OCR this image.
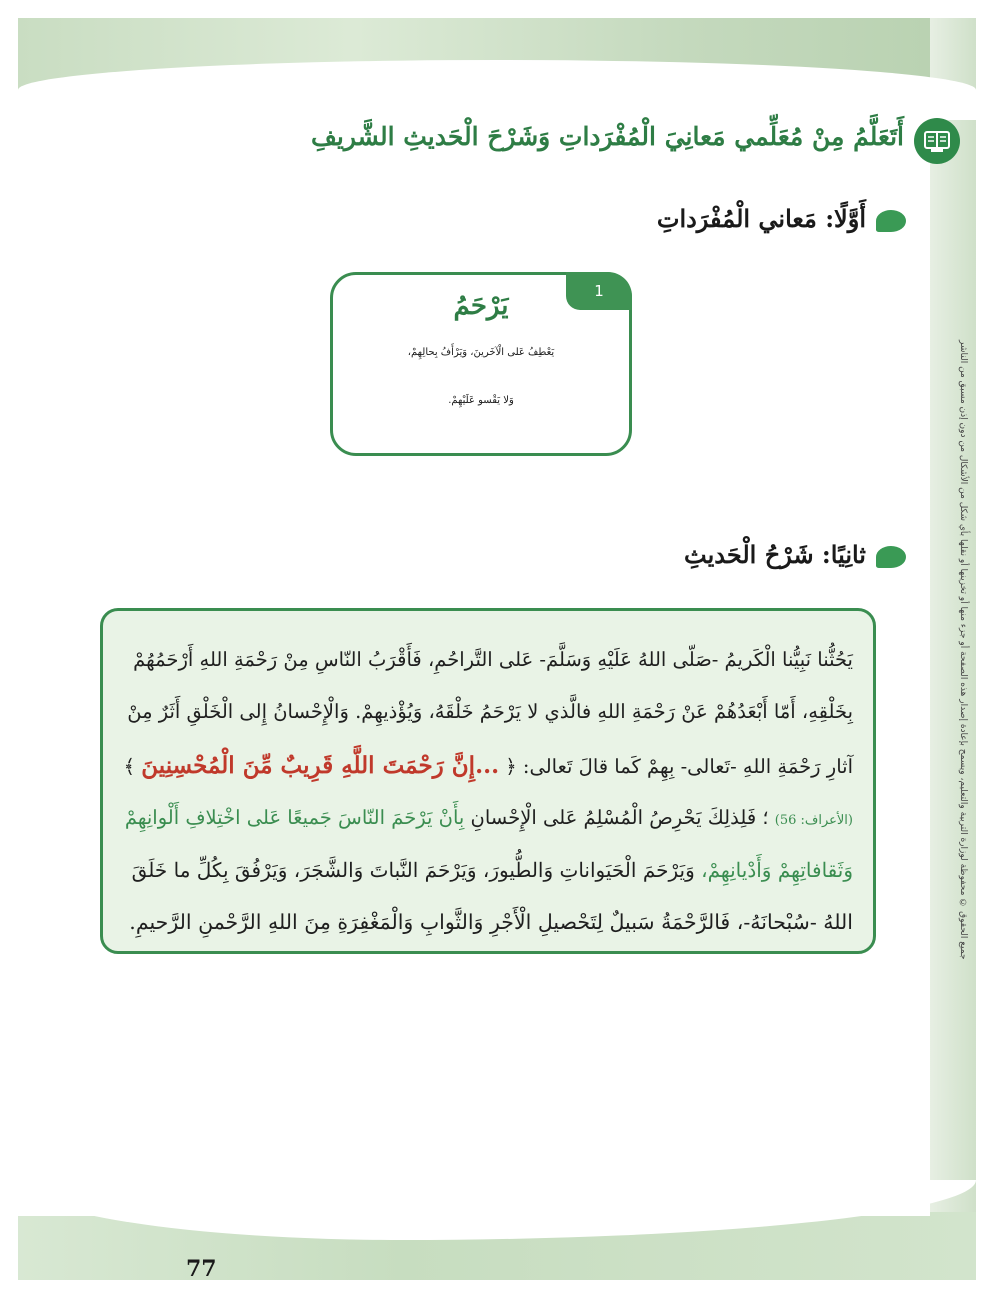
أَتَعَلَّمُ مِنْ مُعَلِّمي مَعانِيَ الْمُفْرَداتِ وَشَرْحَ الْحَديثِ الشَّريفِ
أَوَّلًا: مَعاني الْمُفْرَداتِ
1
يَرْحَمُ
يَعْطِفُ عَلى الْآخَرينَ، وَيَرْأَفُ بِحالِهِمْ،
وَلا يَقْسو عَلَيْهِمْ.
ثانِيًا: شَرْحُ الْحَديثِ
يَحُثُّنا نَبِيُّنا الْكَريمُ -صَلّى اللهُ عَلَيْهِ وَسَلَّمَ- عَلى التَّراحُمِ، فَأَقْرَبُ النّاسِ مِنْ رَحْمَةِ اللهِ أَرْحَمُهُمْ
بِخَلْقِهِ، أَمّا أَبْعَدُهُمْ عَنْ رَحْمَةِ اللهِ فالَّذي لا يَرْحَمُ خَلْقَهُ، وَيُؤْذيهِمْ. وَالْإِحْسانُ إِلى الْخَلْقِ أَثَرٌ مِنْ
آثارِ رَحْمَةِ اللهِ -تَعالى- بِهِمْ كَما قالَ تَعالى: ﴿ ...إِنَّ رَحْمَتَ اللَّهِ قَرِيبٌ مِّنَ الْمُحْسِنِينَ ﴾
(الأعراف: 56) ؛ فَلِذلِكَ يَحْرِصُ الْمُسْلِمُ عَلى الْإِحْسانِ بِأَنْ يَرْحَمَ النّاسَ جَميعًا عَلى اخْتِلافِ أَلْوانِهِمْ
وَثَقافاتِهِمْ وَأَدْيانِهِمْ، وَيَرْحَمَ الْحَيَواناتِ وَالطُّيورَ، وَيَرْحَمَ النَّباتَ وَالشَّجَرَ، وَيَرْفُقَ بِكُلِّ ما خَلَقَ
اللهُ -سُبْحانَهُ-، فَالرَّحْمَةُ سَبيلٌ لِتَحْصيلِ الْأَجْرِ وَالثَّوابِ وَالْمَغْفِرَةِ مِنَ اللهِ الرَّحْمنِ الرَّحيمِ.	جميع الحقوق © محفوظة لوزارة التربية والتعليم، ويسمح بإعادة إصدار هذه الصفحة أو جزء منها أو تخزينها أو نقلها بأي شكل من الأشكال من دون إذن مسبق من الناشر
77
